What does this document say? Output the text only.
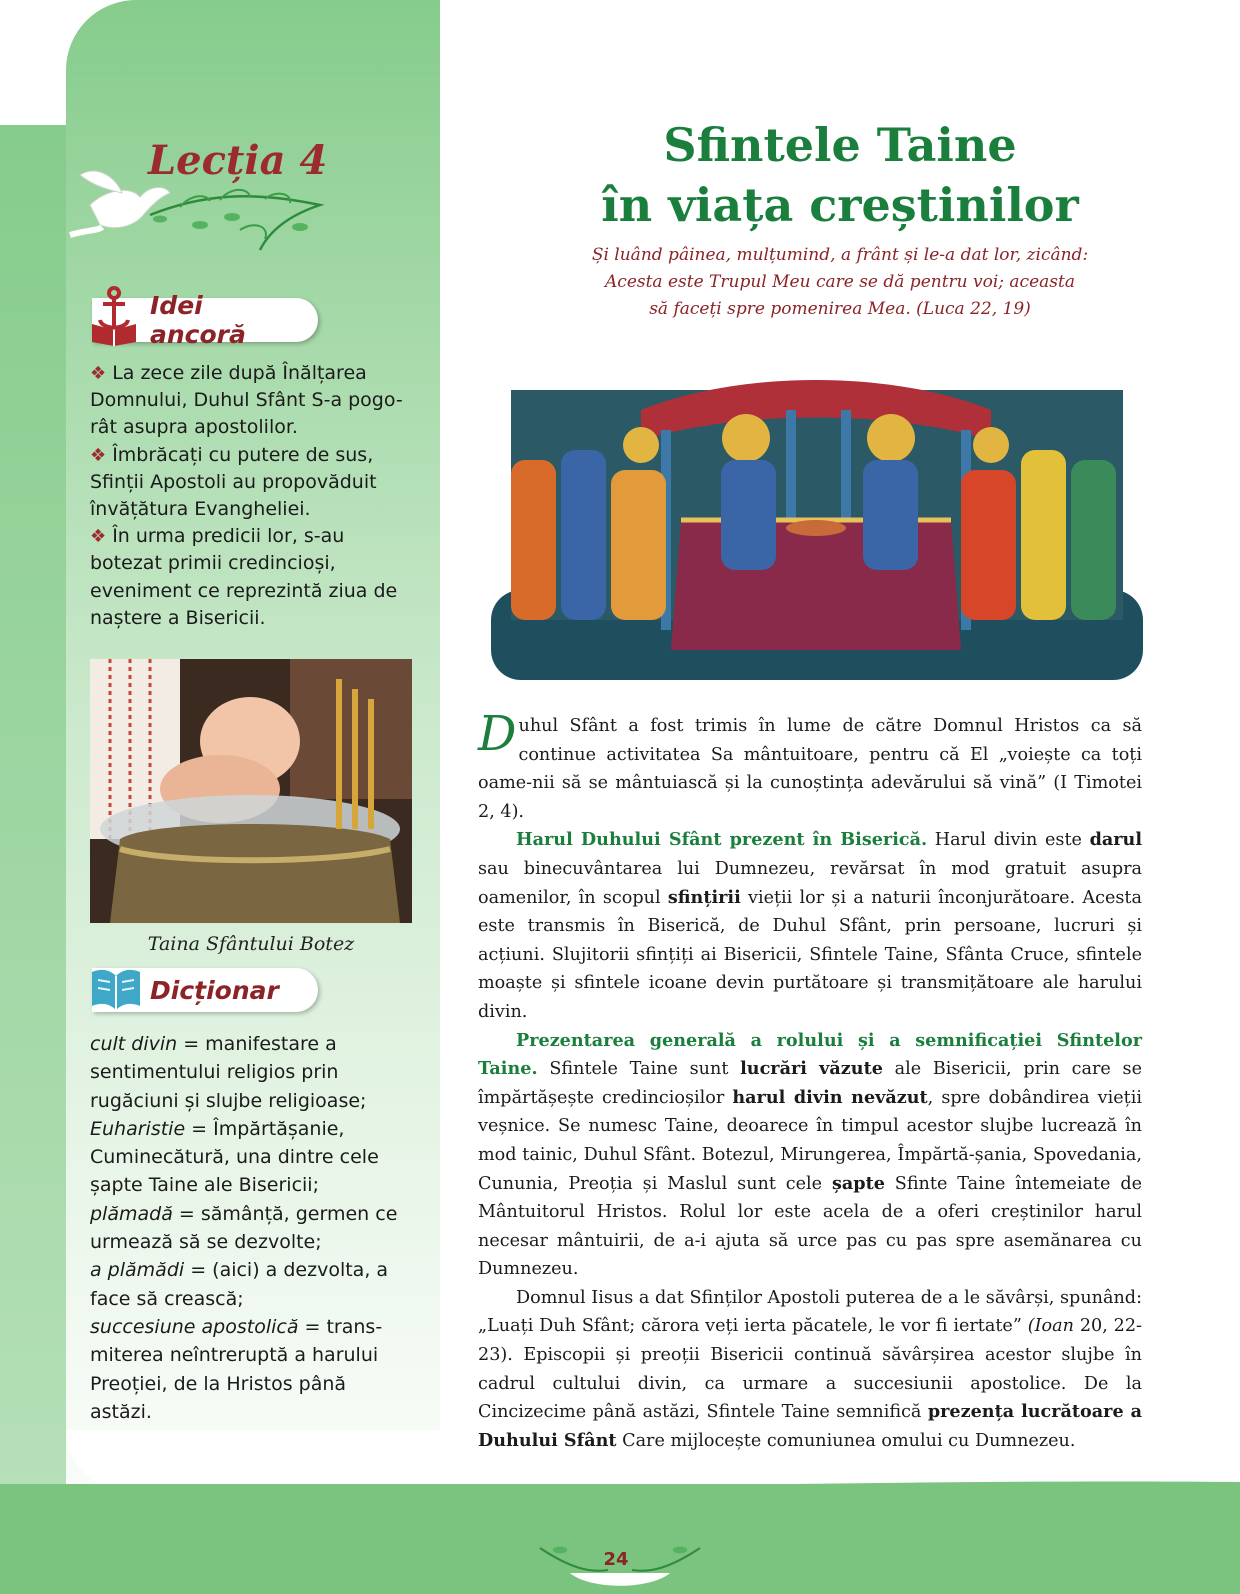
Lecția 4
Idei ancoră

❖ La zece zile după Înălțarea Domnului, Duhul Sfânt S-a pogo-rât asupra apostolilor.

❖ Îmbrăcați cu putere de sus, Sfinții Apostoli au propovăduit învățătura Evangheliei.

❖ În urma predicii lor, s-au botezat primii credincioși, eveniment ce reprezintă ziua de naștere a Bisericii.

Taina Sfântului Botez
Dicționar

cult divin = manifestare a sentimentului religios prin rugăciuni și slujbe religioase;

Euharistie = Împărtășanie, Cuminecătură, una dintre cele șapte Taine ale Bisericii;

plămadă = sămânță, germen ce urmează să se dezvolte;

a plămădi = (aici) a dezvolta, a face să crească;

succesiune apostolică = trans-miterea neîntreruptă a harului Preoției, de la Hristos până astăzi.

Sfintele Taine
în viața creștinilor
Și luând pâinea, mulțumind, a frânt și le-a dat lor, zicând:
Acesta este Trupul Meu care se dă pentru voi; aceasta
să faceți spre pomenirea Mea. (Luca 22, 19)

Duhul Sfânt a fost trimis în lume de către Domnul Hristos ca să continue activitatea Sa mântuitoare, pentru că El „voiește ca toți oame-nii să se mântuiască și la cunoștința adevărului să vină” (I Timotei 2, 4).

Harul Duhului Sfânt prezent în Biserică. Harul divin este darul sau binecuvântarea lui Dumnezeu, revărsat în mod gratuit asupra oamenilor, în scopul sfințirii vieții lor și a naturii înconjurătoare. Acesta este transmis în Biserică, de Duhul Sfânt, prin persoane, lucruri și acțiuni. Slujitorii sfințiți ai Bisericii, Sfintele Taine, Sfânta Cruce, sfintele moaște și sfintele icoane devin purtătoare și transmițătoare ale harului divin.

Prezentarea generală a rolului și a semnificației Sfintelor Taine. Sfintele Taine sunt lucrări văzute ale Bisericii, prin care se împărtășește credincioșilor harul divin nevăzut, spre dobândirea vieții veșnice. Se numesc Taine, deoarece în timpul acestor slujbe lucrează în mod tainic, Duhul Sfânt. Botezul, Mirungerea, Împărtă-șania, Spovedania, Cununia, Preoția și Maslul sunt cele șapte Sfinte Taine întemeiate de Mântuitorul Hristos. Rolul lor este acela de a oferi creștinilor harul necesar mântuirii, de a-i ajuta să urce pas cu pas spre asemănarea cu Dumnezeu.

Domnul Iisus a dat Sfinților Apostoli puterea de a le săvârși, spunând: „Luați Duh Sfânt; cărora veți ierta păcatele, le vor fi iertate” (Ioan 20, 22-23). Episcopii și preoții Bisericii continuă săvârșirea acestor slujbe în cadrul cultului divin, ca urmare a succesiunii apostolice. De la Cincizecime până astăzi, Sfintele Taine semnifică prezența lucrătoare a Duhului Sfânt Care mijlocește comuniunea omului cu Dumnezeu.

24
